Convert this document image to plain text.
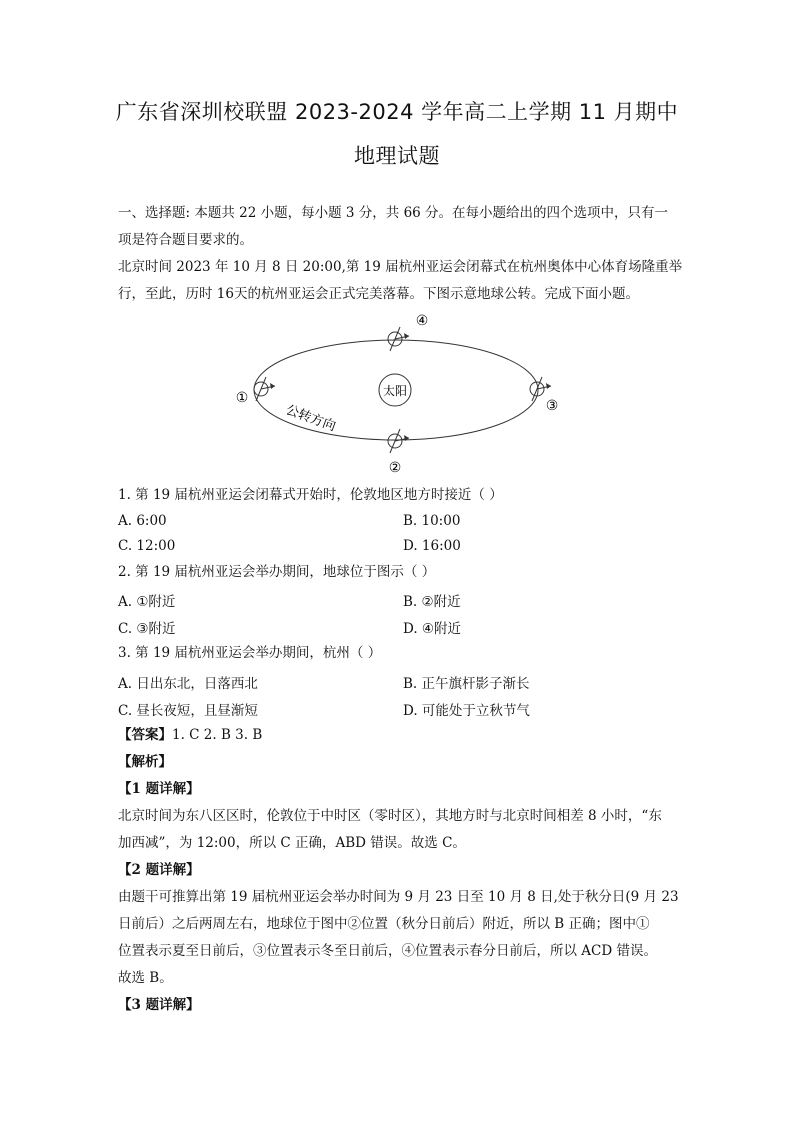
广东省深圳校联盟 2023-2024 学年高二上学期 11 月期中
地理试题
一、选择题: 本题共 22 小题，每小题 3 分，共 66 分。在每小题给出的四个选项中，只有一
项是符合题目要求的。
北京时间 2023 年 10 月 8 日 20:00,第 19 届杭州亚运会闭幕式在杭州奥体中心体育场隆重举
行，至此，历时 16天的杭州亚运会正式完美落幕。下图示意地球公转。完成下面小题。
太阳
①
②
③
④
公转方向
1. 第 19 届杭州亚运会闭幕式开始时，伦敦地区地方时接近（ ）
A. 6:00	B. 10:00
C. 12:00	D. 16:00
2. 第 19 届杭州亚运会举办期间，地球位于图示（ ）
A. ①附近	B. ②附近
C. ③附近	D. ④附近
3. 第 19 届杭州亚运会举办期间，杭州（ ）
A. 日出东北，日落西北	B. 正午旗杆影子渐长
C. 昼长夜短，且昼渐短	D. 可能处于立秋节气
【答案】1. C 2. B 3. B
【解析】
【1 题详解】
北京时间为东八区区时，伦敦位于中时区（零时区），其地方时与北京时间相差 8 小时，“东
加西减”，为 12:00，所以 C 正确，ABD 错误。故选 C。
【2 题详解】
由题干可推算出第 19 届杭州亚运会举办时间为 9 月 23 日至 10 月 8 日,处于秋分日(9 月 23
日前后）之后两周左右，地球位于图中②位置（秋分日前后）附近，所以 B 正确；图中①
位置表示夏至日前后，③位置表示冬至日前后，④位置表示春分日前后，所以 ACD 错误。
故选 B。
【3 题详解】
